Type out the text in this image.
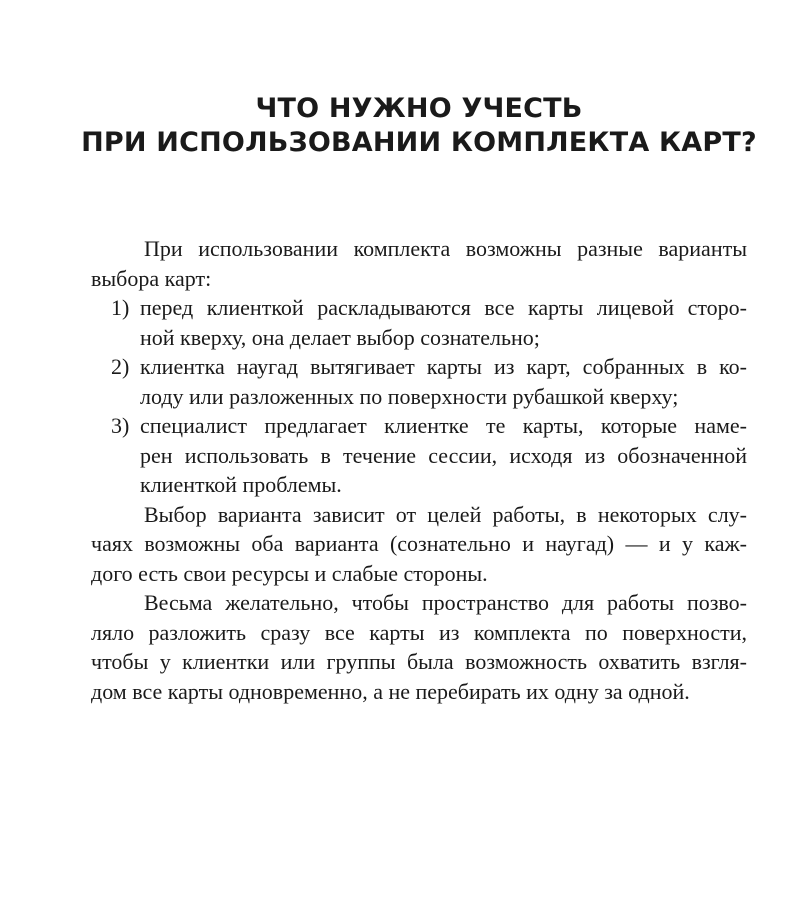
ЧТО НУЖНО УЧЕСТЬ
ПРИ ИСПОЛЬЗОВАНИИ КОМПЛЕКТА КАРТ?
При использовании комплекта возможны разные варианты
выбора карт:
1) перед клиенткой раскладываются все карты лицевой сторо-
ной кверху, она делает выбор сознательно;
2) клиентка наугад вытягивает карты из карт, собранных в ко-
лоду или разложенных по поверхности рубашкой кверху;
3) специалист предлагает клиентке те карты, которые наме-
рен использовать в течение сессии, исходя из обозначенной
клиенткой проблемы.
Выбор варианта зависит от целей работы, в некоторых слу-
чаях возможны оба варианта (сознательно и наугад) — и у каж-
дого есть свои ресурсы и слабые стороны.
Весьма желательно, чтобы пространство для работы позво-
ляло разложить сразу все карты из комплекта по поверхности,
чтобы у клиентки или группы была возможность охватить взгля-
дом все карты одновременно, а не перебирать их одну за одной.
